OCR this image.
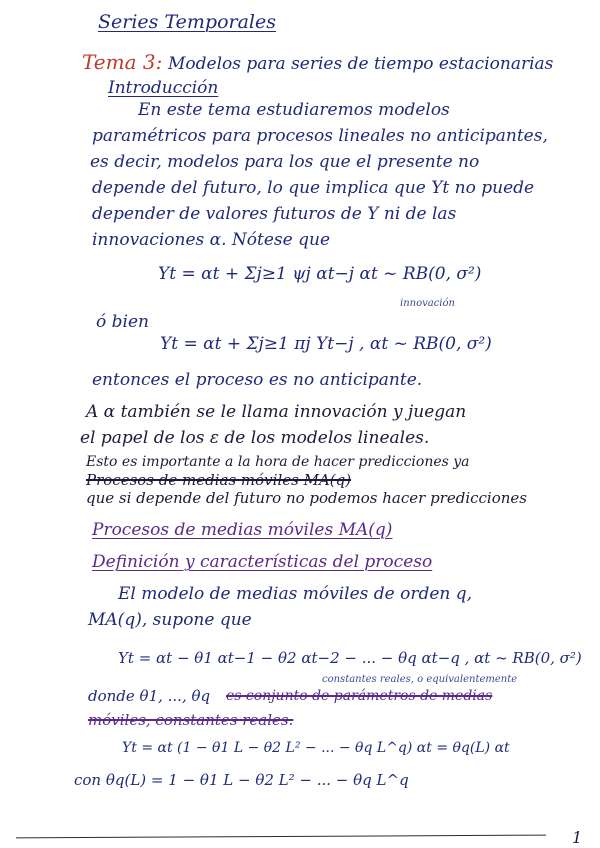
Series Temporales
Tema 3: Modelos para series de tiempo estacionarias
Introducción
En este tema estudiaremos modelos
paramétricos para procesos lineales no anticipantes,
es decir, modelos para los que el presente no
depende del futuro, lo que implica que Yt no puede
depender de valores futuros de Y ni de las
innovaciones α. Nótese que
Yt = αt + Σj≥1 ψj αt−j αt ~ RB(0, σ²)
innovación
ó bien
Yt = αt + Σj≥1 πj Yt−j , αt ~ RB(0, σ²)
entonces el proceso es no anticipante.
A α también se le llama innovación y juegan
el papel de los ε de los modelos lineales.
Esto es importante a la hora de hacer predicciones ya
Procesos de medias móviles MA(q)
que si depende del futuro no podemos hacer predicciones
Procesos de medias móviles MA(q)
Definición y características del proceso
El modelo de medias móviles de orden q,
MA(q), supone que
Yt = αt − θ1 αt−1 − θ2 αt−2 − ... − θq αt−q , αt ~ RB(0, σ²)
constantes reales, o equivalentemente
donde θ1, ..., θq es conjunto de parámetros de medias
móviles, constantes reales.
Yt = αt (1 − θ1 L − θ2 L² − ... − θq L^q) αt = θq(L) αt
con θq(L) = 1 − θ1 L − θ2 L² − ... − θq L^q
1
